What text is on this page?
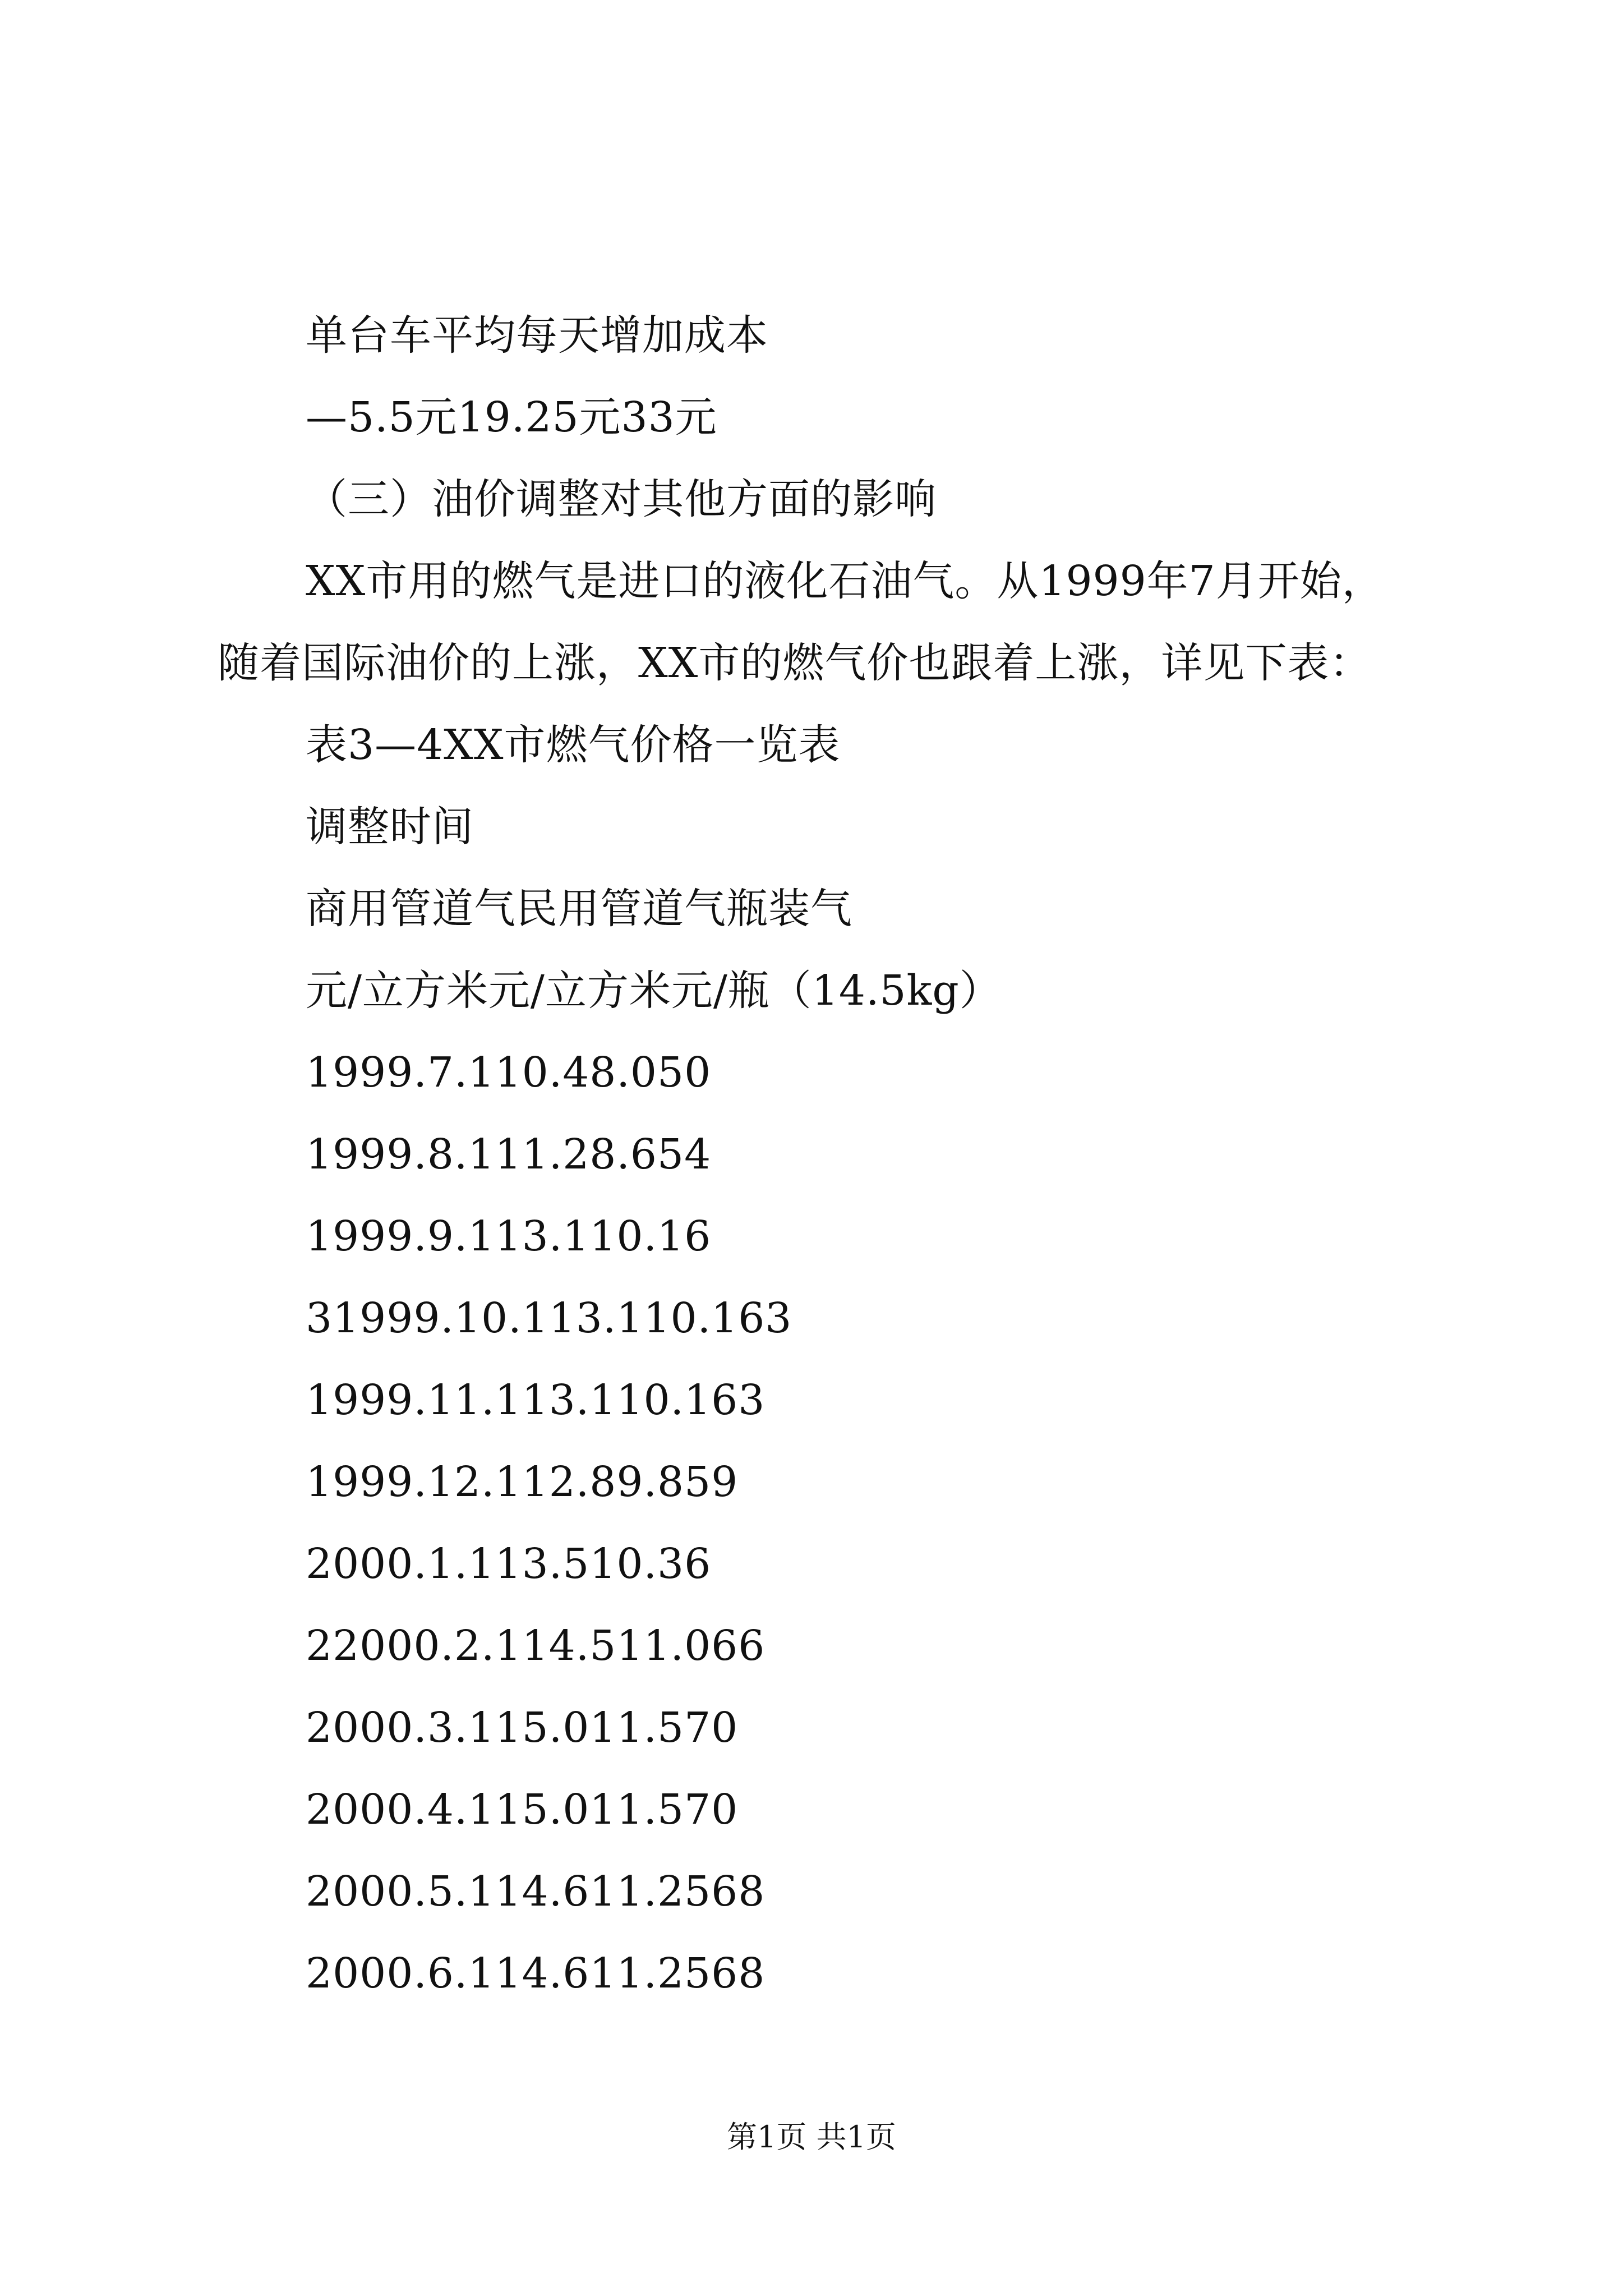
单台车平均每天增加成本
—5.5元19.25元33元
（三）油价调整对其他方面的影响
XX市用的燃气是进口的液化石油气。从1999年7月开始，
随着国际油价的上涨，XX市的燃气价也跟着上涨，详见下表：
表3—4XX市燃气价格一览表
调整时间
商用管道气民用管道气瓶装气
元/立方米元/立方米元/瓶（14.5kg）
1999.7.110.48.050
1999.8.111.28.654
1999.9.113.110.16
31999.10.113.110.163
1999.11.113.110.163
1999.12.112.89.859
2000.1.113.510.36
22000.2.114.511.066
2000.3.115.011.570
2000.4.115.011.570
2000.5.114.611.2568
2000.6.114.611.2568
第1页 共1页
